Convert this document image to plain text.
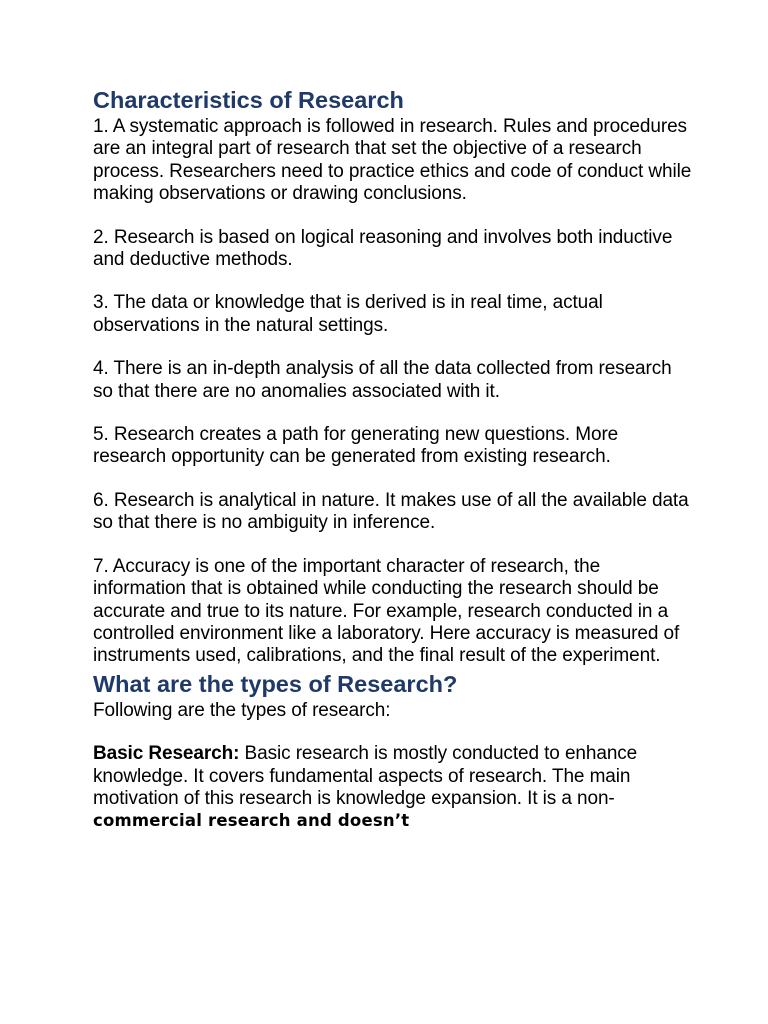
Characteristics of Research

1. A systematic approach is followed in research. Rules and procedures are an integral part of research that set the objective of a research process. Researchers need to practice ethics and code of conduct while making observations or drawing conclusions.

2. Research is based on logical reasoning and involves both inductive and deductive methods.

3. The data or knowledge that is derived is in real time, actual observations in the natural settings.

4. There is an in-depth analysis of all the data collected from research so that there are no anomalies associated with it.

5. Research creates a path for generating new questions. More research opportunity can be generated from existing research.

6. Research is analytical in nature. It makes use of all the available data so that there is no ambiguity in inference.

7. Accuracy is one of the important character of research, the information that is obtained while conducting the research should be accurate and true to its nature. For example, research conducted in a controlled environment like a laboratory. Here accuracy is measured of instruments used, calibrations, and the final result of the experiment.

What are the types of Research?

Following are the types of research:

Basic Research: Basic research is mostly conducted to enhance knowledge. It covers fundamental aspects of research. The main motivation of this research is knowledge expansion. It is a non-commercial research and doesn’t
